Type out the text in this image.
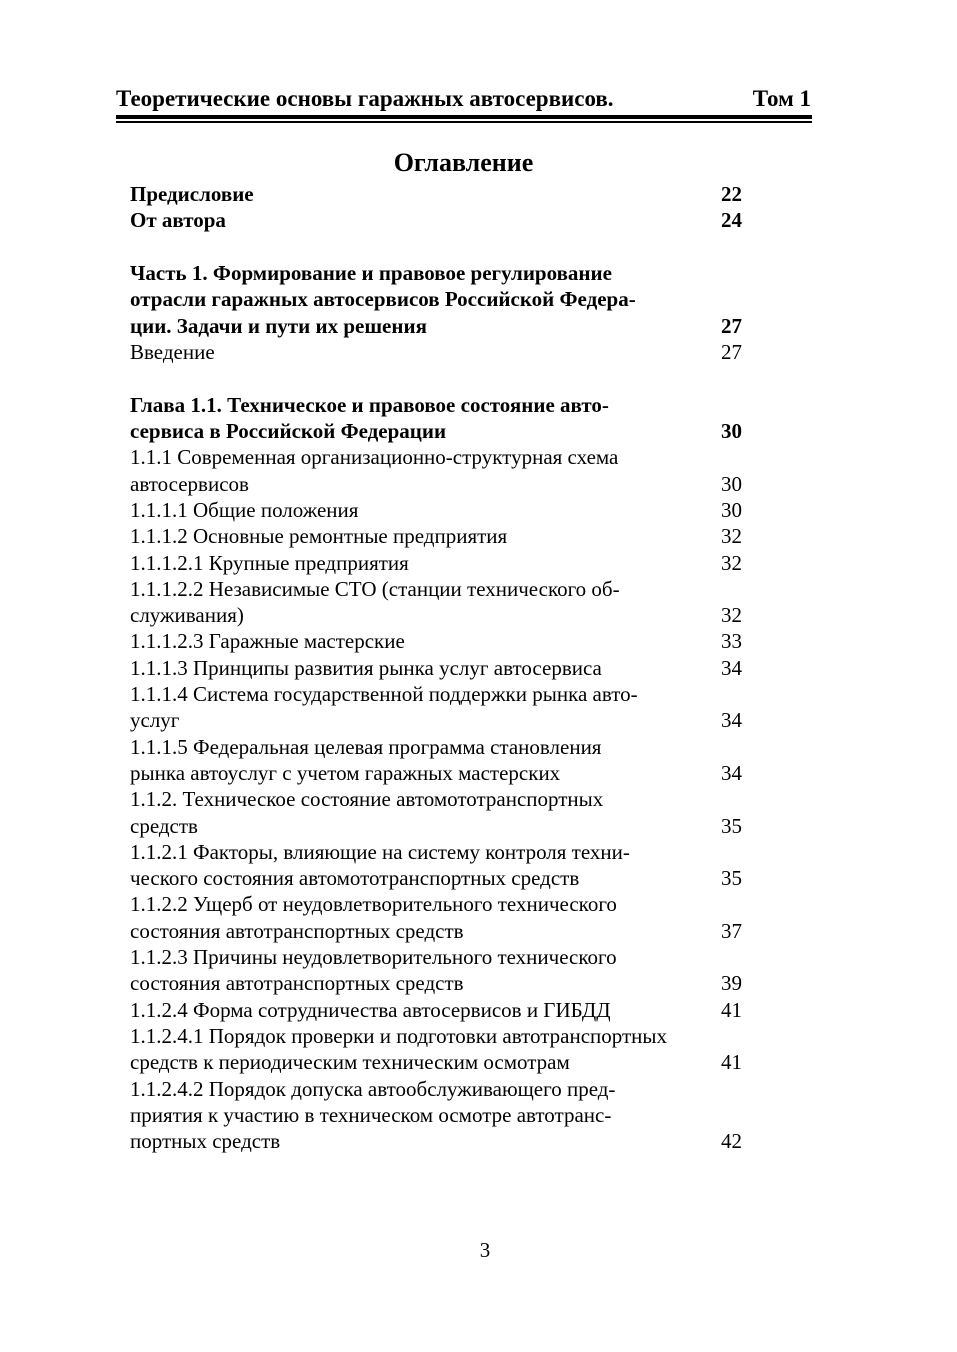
Теоретические основы гаражных автосервисов.	Том 1
Оглавление
Предисловие	22
От автора	24
Часть 1. Формирование и правовое регулирование
отрасли гаражных автосервисов Российской Федера-
ции. Задачи и пути их решения	27
Введение	27
Глава 1.1. Техническое и правовое состояние авто-
сервиса в Российской Федерации	30
1.1.1 Современная организационно-структурная схема
автосервисов	30
1.1.1.1 Общие положения	30
1.1.1.2 Основные ремонтные предприятия	32
1.1.1.2.1 Крупные предприятия	32
1.1.1.2.2 Независимые СТО (станции технического об-
служивания)	32
1.1.1.2.3 Гаражные мастерские	33
1.1.1.3 Принципы развития рынка услуг автосервиса	34
1.1.1.4 Система государственной поддержки рынка авто-
услуг	34
1.1.1.5 Федеральная целевая программа становления
рынка автоуслуг с учетом гаражных мастерских	34
1.1.2. Техническое состояние автомототранспортных
средств	35
1.1.2.1 Факторы, влияющие на систему контроля техни-
ческого состояния автомототранспортных средств	35
1.1.2.2 Ущерб от неудовлетворительного технического
состояния автотранспортных средств	37
1.1.2.3 Причины неудовлетворительного технического
состояния автотранспортных средств	39
1.1.2.4 Форма сотрудничества автосервисов и ГИБДД	41
1.1.2.4.1 Порядок проверки и подготовки автотранспортных
средств к периодическим техническим осмотрам	41
1.1.2.4.2 Порядок допуска автообслуживающего пред-
приятия к участию в техническом осмотре автотранс-
портных средств	42
3
